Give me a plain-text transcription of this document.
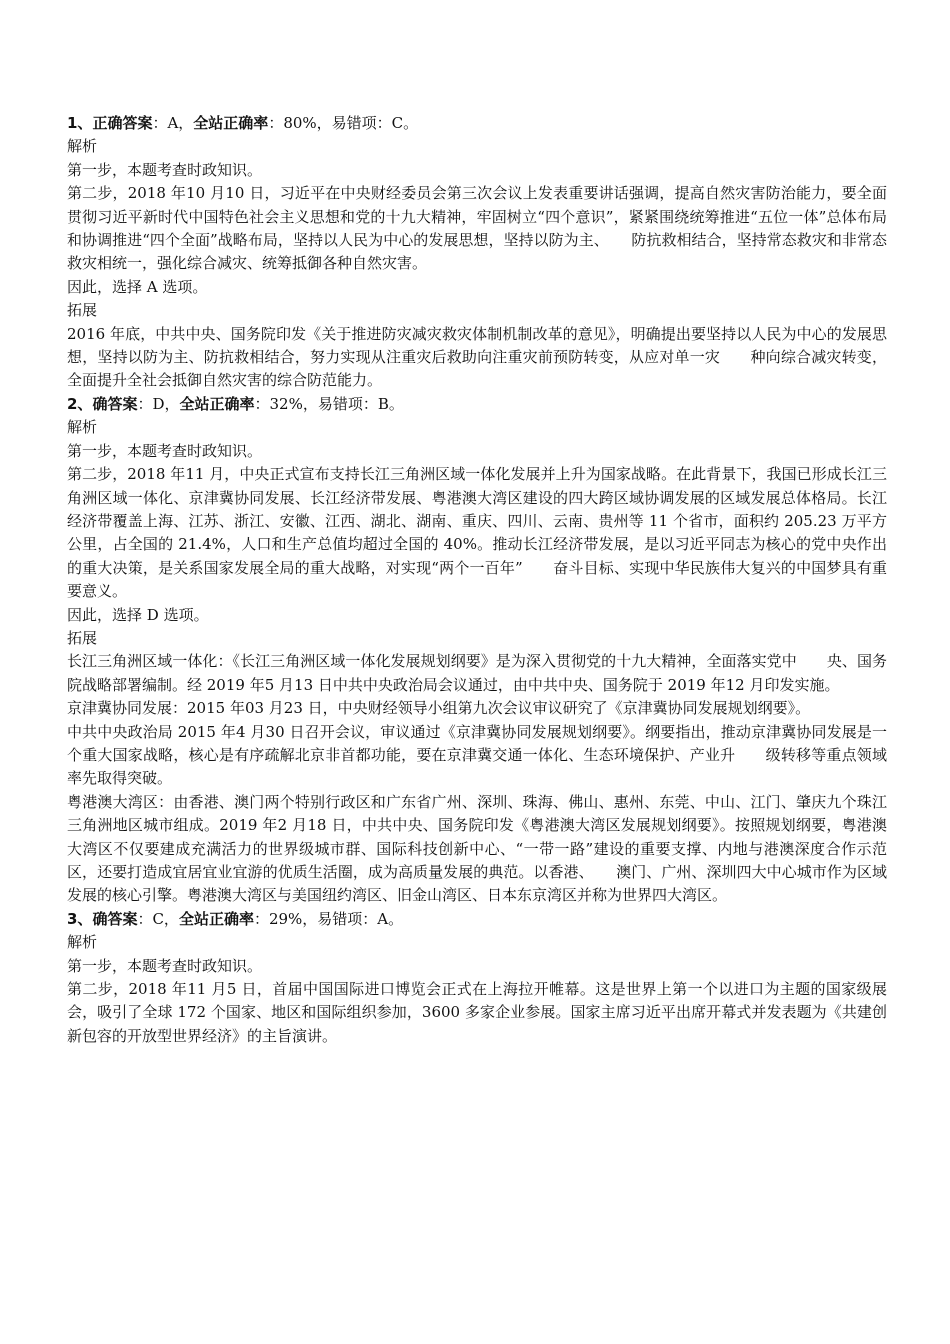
1、正确答案：A，全站正确率：80%，易错项：C。

解析

第一步，本题考查时政知识。

第二步，2018 年10 月10 日，习近平在中央财经委员会第三次会议上发表重要讲话强调，提高自然灾害防治能力，要全面贯彻习近平新时代中国特色社会主义思想和党的十九大精神，牢固树立“四个意识”，紧紧围绕统筹推进“五位一体”总体布局和协调推进“四个全面”战略布局，坚持以人民为中心的发展思想，坚持以防为主、　　防抗救相结合，坚持常态救灾和非常态救灾相统一，强化综合减灾、统筹抵御各种自然灾害。

因此，选择 A 选项。

拓展

2016 年底，中共中央、国务院印发《关于推进防灾减灾救灾体制机制改革的意见》，明确提出要坚持以人民为中心的发展思想，坚持以防为主、防抗救相结合，努力实现从注重灾后救助向注重灾前预防转变，从应对单一灾　　种向综合减灾转变，全面提升全社会抵御自然灾害的综合防范能力。

2、确答案：D，全站正确率：32%，易错项：B。

解析

第一步，本题考查时政知识。

第二步，2018 年11 月，中央正式宣布支持长江三角洲区域一体化发展并上升为国家战略。在此背景下，我国已形成长江三角洲区域一体化、京津冀协同发展、长江经济带发展、粤港澳大湾区建设的四大跨区域协调发展的区域发展总体格局。长江经济带覆盖上海、江苏、浙江、安徽、江西、湖北、湖南、重庆、四川、云南、贵州等 11 个省市，面积约 205.23 万平方公里，占全国的 21.4%，人口和生产总值均超过全国的 40%。推动长江经济带发展，是以习近平同志为核心的党中央作出的重大决策，是关系国家发展全局的重大战略，对实现“两个一百年”　　奋斗目标、实现中华民族伟大复兴的中国梦具有重要意义。

因此，选择 D 选项。

拓展

长江三角洲区域一体化：《长江三角洲区域一体化发展规划纲要》是为深入贯彻党的十九大精神，全面落实党中　　央、国务院战略部署编制。经 2019 年5 月13 日中共中央政治局会议通过，由中共中央、国务院于 2019 年12 月印发实施。

京津冀协同发展：2015 年03 月23 日，中央财经领导小组第九次会议审议研究了《京津冀协同发展规划纲要》。

中共中央政治局 2015 年4 月30 日召开会议，审议通过《京津冀协同发展规划纲要》。纲要指出，推动京津冀协同发展是一个重大国家战略，核心是有序疏解北京非首都功能，要在京津冀交通一体化、生态环境保护、产业升　　级转移等重点领域率先取得突破。

粤港澳大湾区：由香港、澳门两个特别行政区和广东省广州、深圳、珠海、佛山、惠州、东莞、中山、江门、肇庆九个珠江三角洲地区城市组成。2019 年2 月18 日，中共中央、国务院印发《粤港澳大湾区发展规划纲要》。按照规划纲要，粤港澳大湾区不仅要建成充满活力的世界级城市群、国际科技创新中心、“一带一路”建设的重要支撑、内地与港澳深度合作示范区，还要打造成宜居宜业宜游的优质生活圈，成为高质量发展的典范。以香港、　　澳门、广州、深圳四大中心城市作为区域发展的核心引擎。粤港澳大湾区与美国纽约湾区、旧金山湾区、日本东京湾区并称为世界四大湾区。

3、确答案：C，全站正确率：29%，易错项：A。

解析

第一步，本题考查时政知识。

第二步，2018 年11 月5 日，首届中国国际进口博览会正式在上海拉开帷幕。这是世界上第一个以进口为主题的国家级展会，吸引了全球 172 个国家、地区和国际组织参加，3600 多家企业参展。国家主席习近平出席开幕式并发表题为《共建创新包容的开放型世界经济》的主旨演讲。
